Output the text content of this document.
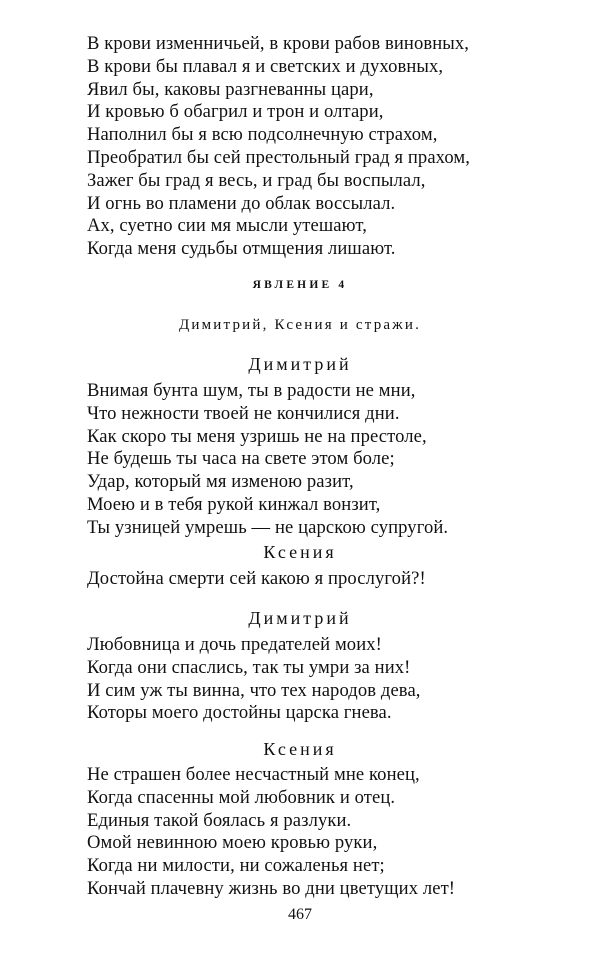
В крови изменничьей, в крови рабов виновных,
В крови бы плавал я и светских и духовных,
Явил бы, каковы разгневанны цари,
И кровью б обагрил и трон и олтари,
Наполнил бы я всю подсолнечную страхом,
Преобратил бы сей престольный град я прахом,
Зажег бы град я весь, и град бы воспылал,
И огнь во пламени до облак воссылал.
Ах, суетно сии мя мысли утешают,
Когда меня судьбы отмщения лишают.
ЯВЛЕНИЕ 4
Димитрий, Ксения и стражи.
Димитрий
Внимая бунта шум, ты в радости не мни,
Что нежности твоей не кончилися дни.
Как скоро ты меня узришь не на престоле,
Не будешь ты часа на свете этом боле;
Удар, который мя изменою разит,
Моею и в тебя рукой кинжал вонзит,
Ты узницей умрешь — не царскою супругой.
Ксения
Достойна смерти сей какою я прослугой?!
Димитрий
Любовница и дочь предателей моих!
Когда они спаслись, так ты умри за них!
И сим уж ты винна, что тех народов дева,
Которы моего достойны царска гнева.
Ксения
Не страшен более несчастный мне конец,
Когда спасенны мой любовник и отец.
Единыя такой боялась я разлуки.
Омой невинною моею кровью руки,
Когда ни милости, ни сожаленья нет;
Кончай плачевну жизнь во дни цветущих лет!
467
